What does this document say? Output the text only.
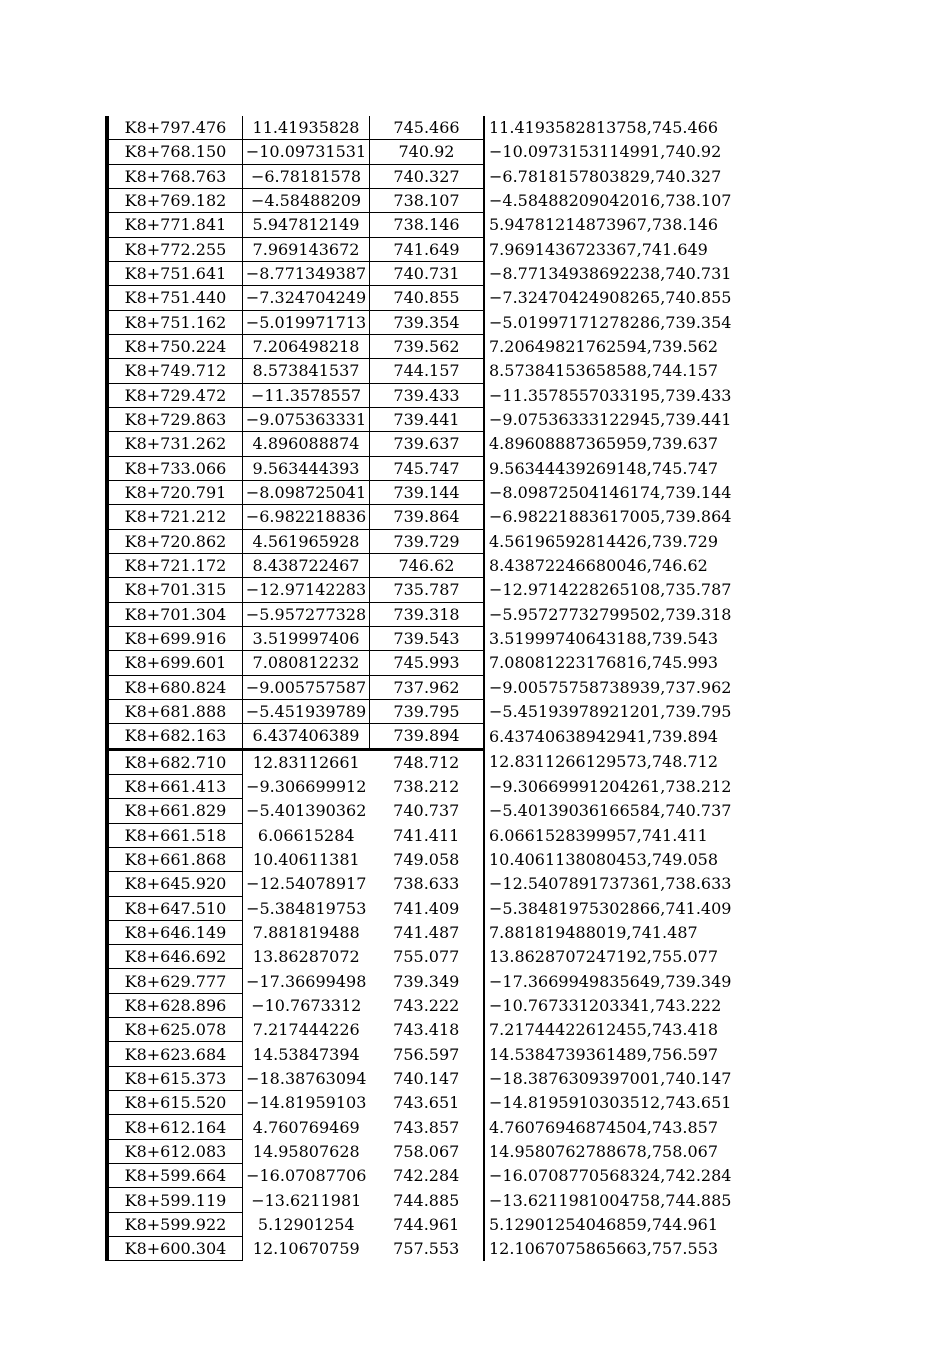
K8+797.476	11.41935828	745.466	11.4193582813758,745.466
K8+768.150	−10.09731531	740.92	−10.0973153114991,740.92
K8+768.763	−6.78181578	740.327	−6.7818157803829,740.327
K8+769.182	−4.58488209	738.107	−4.58488209042016,738.107
K8+771.841	5.947812149	738.146	5.94781214873967,738.146
K8+772.255	7.969143672	741.649	7.9691436723367,741.649
K8+751.641	−8.771349387	740.731	−8.77134938692238,740.731
K8+751.440	−7.324704249	740.855	−7.32470424908265,740.855
K8+751.162	−5.019971713	739.354	−5.01997171278286,739.354
K8+750.224	7.206498218	739.562	7.20649821762594,739.562
K8+749.712	8.573841537	744.157	8.57384153658588,744.157
K8+729.472	−11.3578557	739.433	−11.3578557033195,739.433
K8+729.863	−9.075363331	739.441	−9.07536333122945,739.441
K8+731.262	4.896088874	739.637	4.89608887365959,739.637
K8+733.066	9.563444393	745.747	9.56344439269148,745.747
K8+720.791	−8.098725041	739.144	−8.09872504146174,739.144
K8+721.212	−6.982218836	739.864	−6.98221883617005,739.864
K8+720.862	4.561965928	739.729	4.56196592814426,739.729
K8+721.172	8.438722467	746.62	8.43872246680046,746.62
K8+701.315	−12.97142283	735.787	−12.9714228265108,735.787
K8+701.304	−5.957277328	739.318	−5.95727732799502,739.318
K8+699.916	3.519997406	739.543	3.51999740643188,739.543
K8+699.601	7.080812232	745.993	7.08081223176816,745.993
K8+680.824	−9.005757587	737.962	−9.00575758738939,737.962
K8+681.888	−5.451939789	739.795	−5.45193978921201,739.795
K8+682.163	6.437406389	739.894	6.43740638942941,739.894
K8+682.710	12.83112661	748.712	12.8311266129573,748.712
K8+661.413	−9.306699912	738.212	−9.30669991204261,738.212
K8+661.829	−5.401390362	740.737	−5.40139036166584,740.737
K8+661.518	6.06615284	741.411	6.0661528399957,741.411
K8+661.868	10.40611381	749.058	10.4061138080453,749.058
K8+645.920	−12.54078917	738.633	−12.5407891737361,738.633
K8+647.510	−5.384819753	741.409	−5.38481975302866,741.409
K8+646.149	7.881819488	741.487	7.881819488019,741.487
K8+646.692	13.86287072	755.077	13.8628707247192,755.077
K8+629.777	−17.36699498	739.349	−17.3669949835649,739.349
K8+628.896	−10.7673312	743.222	−10.767331203341,743.222
K8+625.078	7.217444226	743.418	7.21744422612455,743.418
K8+623.684	14.53847394	756.597	14.5384739361489,756.597
K8+615.373	−18.38763094	740.147	−18.3876309397001,740.147
K8+615.520	−14.81959103	743.651	−14.8195910303512,743.651
K8+612.164	4.760769469	743.857	4.76076946874504,743.857
K8+612.083	14.95807628	758.067	14.9580762788678,758.067
K8+599.664	−16.07087706	742.284	−16.0708770568324,742.284
K8+599.119	−13.6211981	744.885	−13.6211981004758,744.885
K8+599.922	5.12901254	744.961	5.12901254046859,744.961
K8+600.304	12.10670759	757.553	12.1067075865663,757.553
